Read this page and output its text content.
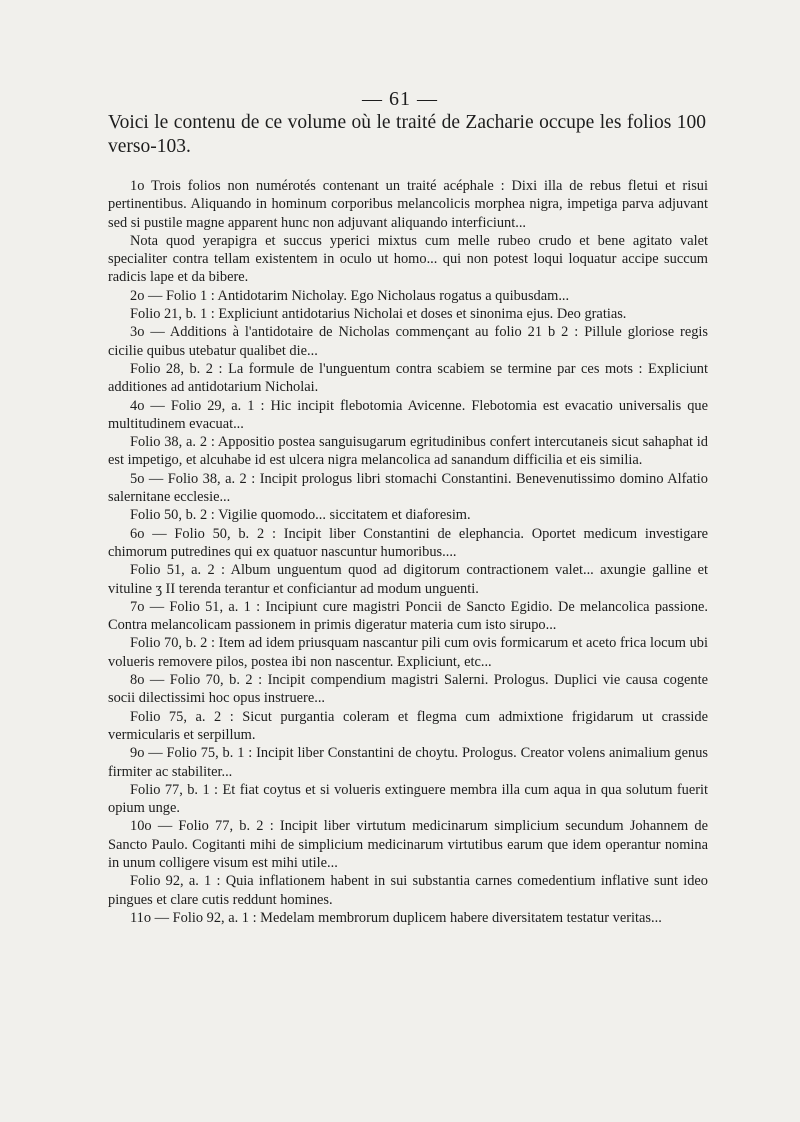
— 61 —
Voici le contenu de ce volume où le traité de Zacharie occupe les folios 100 verso-103.

1o Trois folios non numérotés contenant un traité acéphale : Dixi illa de rebus fletui et risui pertinentibus. Aliquando in hominum corporibus melancolicis morphea nigra, impetiga parva adjuvant sed si pustile magne apparent hunc non adjuvant aliquando interficiunt...

Nota quod yerapigra et succus yperici mixtus cum melle rubeo crudo et bene agitato valet specialiter contra tellam existentem in oculo ut homo... qui non potest loqui loquatur accipe succum radicis lape et da bibere.

2o — Folio 1 : Antidotarim Nicholay. Ego Nicholaus rogatus a quibusdam...

Folio 21, b. 1 : Expliciunt antidotarius Nicholai et doses et sinonima ejus. Deo gratias.

3o — Additions à l'antidotaire de Nicholas commençant au folio 21 b 2 : Pillule gloriose regis cicilie quibus utebatur qualibet die...

Folio 28, b. 2 : La formule de l'unguentum contra scabiem se termine par ces mots : Expliciunt additiones ad antidotarium Nicholai.

4o — Folio 29, a. 1 : Hic incipit flebotomia Avicenne. Flebotomia est evacatio universalis que multitudinem evacuat...

Folio 38, a. 2 : Appositio postea sanguisugarum egritudinibus confert intercutaneis sicut sahaphat id est impetigo, et alcuhabe id est ulcera nigra melancolica ad sanandum difficilia et eis similia.

5o — Folio 38, a. 2 : Incipit prologus libri stomachi Constantini. Benevenutissimo domino Alfatio salernitane ecclesie...

Folio 50, b. 2 : Vigilie quomodo... siccitatem et diaforesim.

6o — Folio 50, b. 2 : Incipit liber Constantini de elephancia. Oportet medicum investigare chimorum putredines qui ex quatuor nascuntur humoribus....

Folio 51, a. 2 : Album unguentum quod ad digitorum contractionem valet... axungie galline et vituline ʒ II terenda terantur et conficiantur ad modum unguenti.

7o — Folio 51, a. 1 : Incipiunt cure magistri Poncii de Sancto Egidio. De melancolica passione. Contra melancolicam passionem in primis digeratur materia cum isto sirupo...

Folio 70, b. 2 : Item ad idem priusquam nascantur pili cum ovis formicarum et aceto frica locum ubi volueris removere pilos, postea ibi non nascentur. Expliciunt, etc...

8o — Folio 70, b. 2 : Incipit compendium magistri Salerni. Prologus. Duplici vie causa cogente socii dilectissimi hoc opus instruere...

Folio 75, a. 2 : Sicut purgantia coleram et flegma cum admixtione frigidarum ut crasside vermicularis et serpillum.

9o — Folio 75, b. 1 : Incipit liber Constantini de choytu. Prologus. Creator volens animalium genus firmiter ac stabiliter...

Folio 77, b. 1 : Et fiat coytus et si volueris extinguere membra illa cum aqua in qua solutum fuerit opium unge.

10o — Folio 77, b. 2 : Incipit liber virtutum medicinarum simplicium secundum Johannem de Sancto Paulo. Cogitanti mihi de simplicium medicinarum virtutibus earum que idem operantur nomina in unum colligere visum est mihi utile...

Folio 92, a. 1 : Quia inflationem habent in sui substantia carnes comedentium inflative sunt ideo pingues et clare cutis reddunt homines.

11o — Folio 92, a. 1 : Medelam membrorum duplicem habere diversitatem testatur veritas...
